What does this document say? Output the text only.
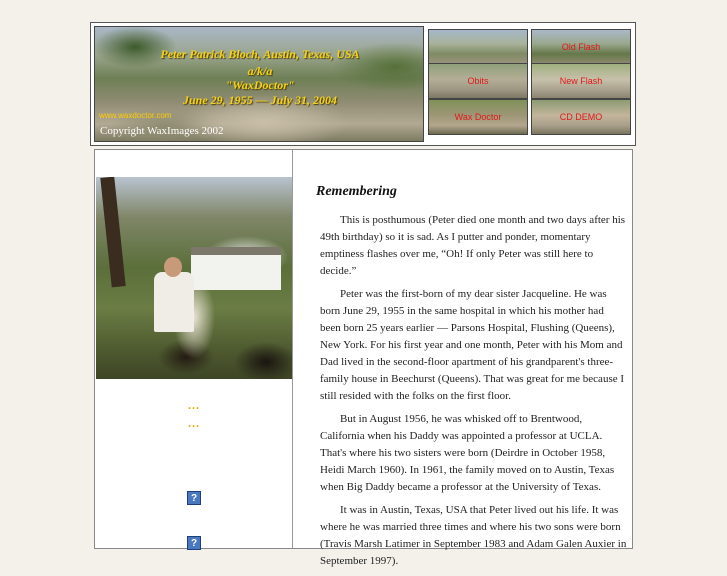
Peter Patrick Bloch, Austin, Texas, USA
a/k/a
"WaxDoctor"
June 29, 1955 — July 31, 2004
www.waxdoctor.com
Copyright WaxImages 2002
Old Flash
Obits	New Flash
Wax Doctor	CD DEMO
...
...
?
?
Remembering

This is posthumous (Peter died one month and two days after his 49th birthday) so it is sad. As I putter and ponder, momentary emptiness flashes over me, “Oh! If only Peter was still here to decide.”

Peter was the first-born of my dear sister Jacqueline. He was born June 29, 1955 in the same hospital in which his mother had been born 25 years earlier — Parsons Hospital, Flushing (Queens), New York. For his first year and one month, Peter with his Mom and Dad lived in the second-floor apartment of his grandparent's three-family house in Beechurst (Queens). That was great for me because I still resided with the folks on the first floor.

But in August 1956, he was whisked off to Brentwood, California when his Daddy was appointed a professor at UCLA. That's where his two sisters were born (Deirdre in October 1958, Heidi March 1960). In 1961, the family moved on to Austin, Texas when Big Daddy became a professor at the University of Texas.

It was in Austin, Texas, USA that Peter lived out his life. It was where he was married three times and where his two sons were born (Travis Marsh Latimer in September 1983 and Adam Galen Auxier in September 1997).
